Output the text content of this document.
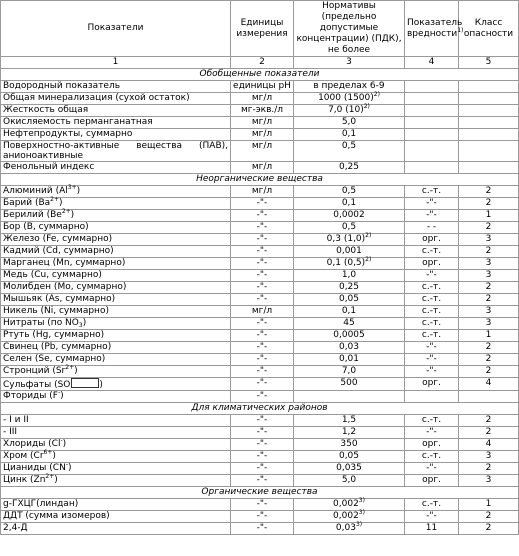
Показатели	Единицы измерения	Нормативы (предельно допустимые концентрации) (ПДК), не более	Показатель вредности$^{1)}$	Класс опасности
1	2	3	4	5
Обобщенные показатели				
Водородный показатель	единицы pH	в пределах 6-9		
Общая минерализация (сухой остаток)	мг/л	1000 $(1500)^{2)}$		
Жесткость общая	мг-экв./л	7,0 $(10)^{2)}$		
Окисляемость перманганатная	мг/л	5,0		
Нефтепродукты, суммарно	мг/л	0,1		
Поверхностно-активные вещества (ПАВ), анионоактивные	мг/л	0,5		
Фенольный индекс	мг/л	0,25		
Неорганические вещества				
Алюминий $(Al^{3+})$	мг/л	0,5	с.-т.	2
Барий $(Ba^{2+})$	-"-	0,1	-"-	2
Берилий $(Be^{2+})$	-"-	0,0002	-"-	1
Бор (B, суммарно)	-"-	0,5	- -	2
Железо (Fe, суммарно)	-"-	0,3 $(1,0)^{2)}$	орг.	3
Кадмий (Cd, суммарно)	-"-	0,001	с.-т.	2
Марганец (Mn, суммарно)	-"-	0,1 $(0,5)^{2)}$	орг.	3
Медь (Cu, суммарно)	-"-	1,0	-"-	3
Молибден (Mo, суммарно)	-"-	0,25	с.-т.	2
Мышьяк (As, суммарно)	-"-	0,05	с.-т.	2
Никель (Ni, суммарно)	мг/л	0,1	с.-т.	3
Нитраты (по $NO_3$)	-"-	45	с.-т.	3
Ртуть (Hg, суммарно)	-"-	0,0005	с.-т.	1
Свинец (Pb, суммарно)	-"-	0,03	-"-	2
Селен (Se, суммарно)	-"-	0,01	-"-	2
Стронций $(Sr^{2+})$	-"-	7,0	-"-	2
Сульфаты (SO )	-"-	500	орг.	4
Фториды (F-)	-"-			
Для климатических районов				
- I и II	-"-	1,5	с.-т.	2
- III	-"-	1,2	-"-	2
Хлориды (Cl-)	-"-	350	орг.	4
Хром $(Cr^{6+})$	-"-	0,05	с.-т.	3
Цианиды (CN-)	-"-	0,035	-"-	2
Цинк $(Zn^{2+})$	-"-	5,0	орг.	3
Органические вещества				
g-ГХЦГ(линдан)	-"-	0,002$^{3)}$	с.-т.	1
ДДТ (сумма изомеров)	-"-	0,002$^{3)}$	-"-	2
2,4-Д	-"-	0,03$^{3)}$	11	2
